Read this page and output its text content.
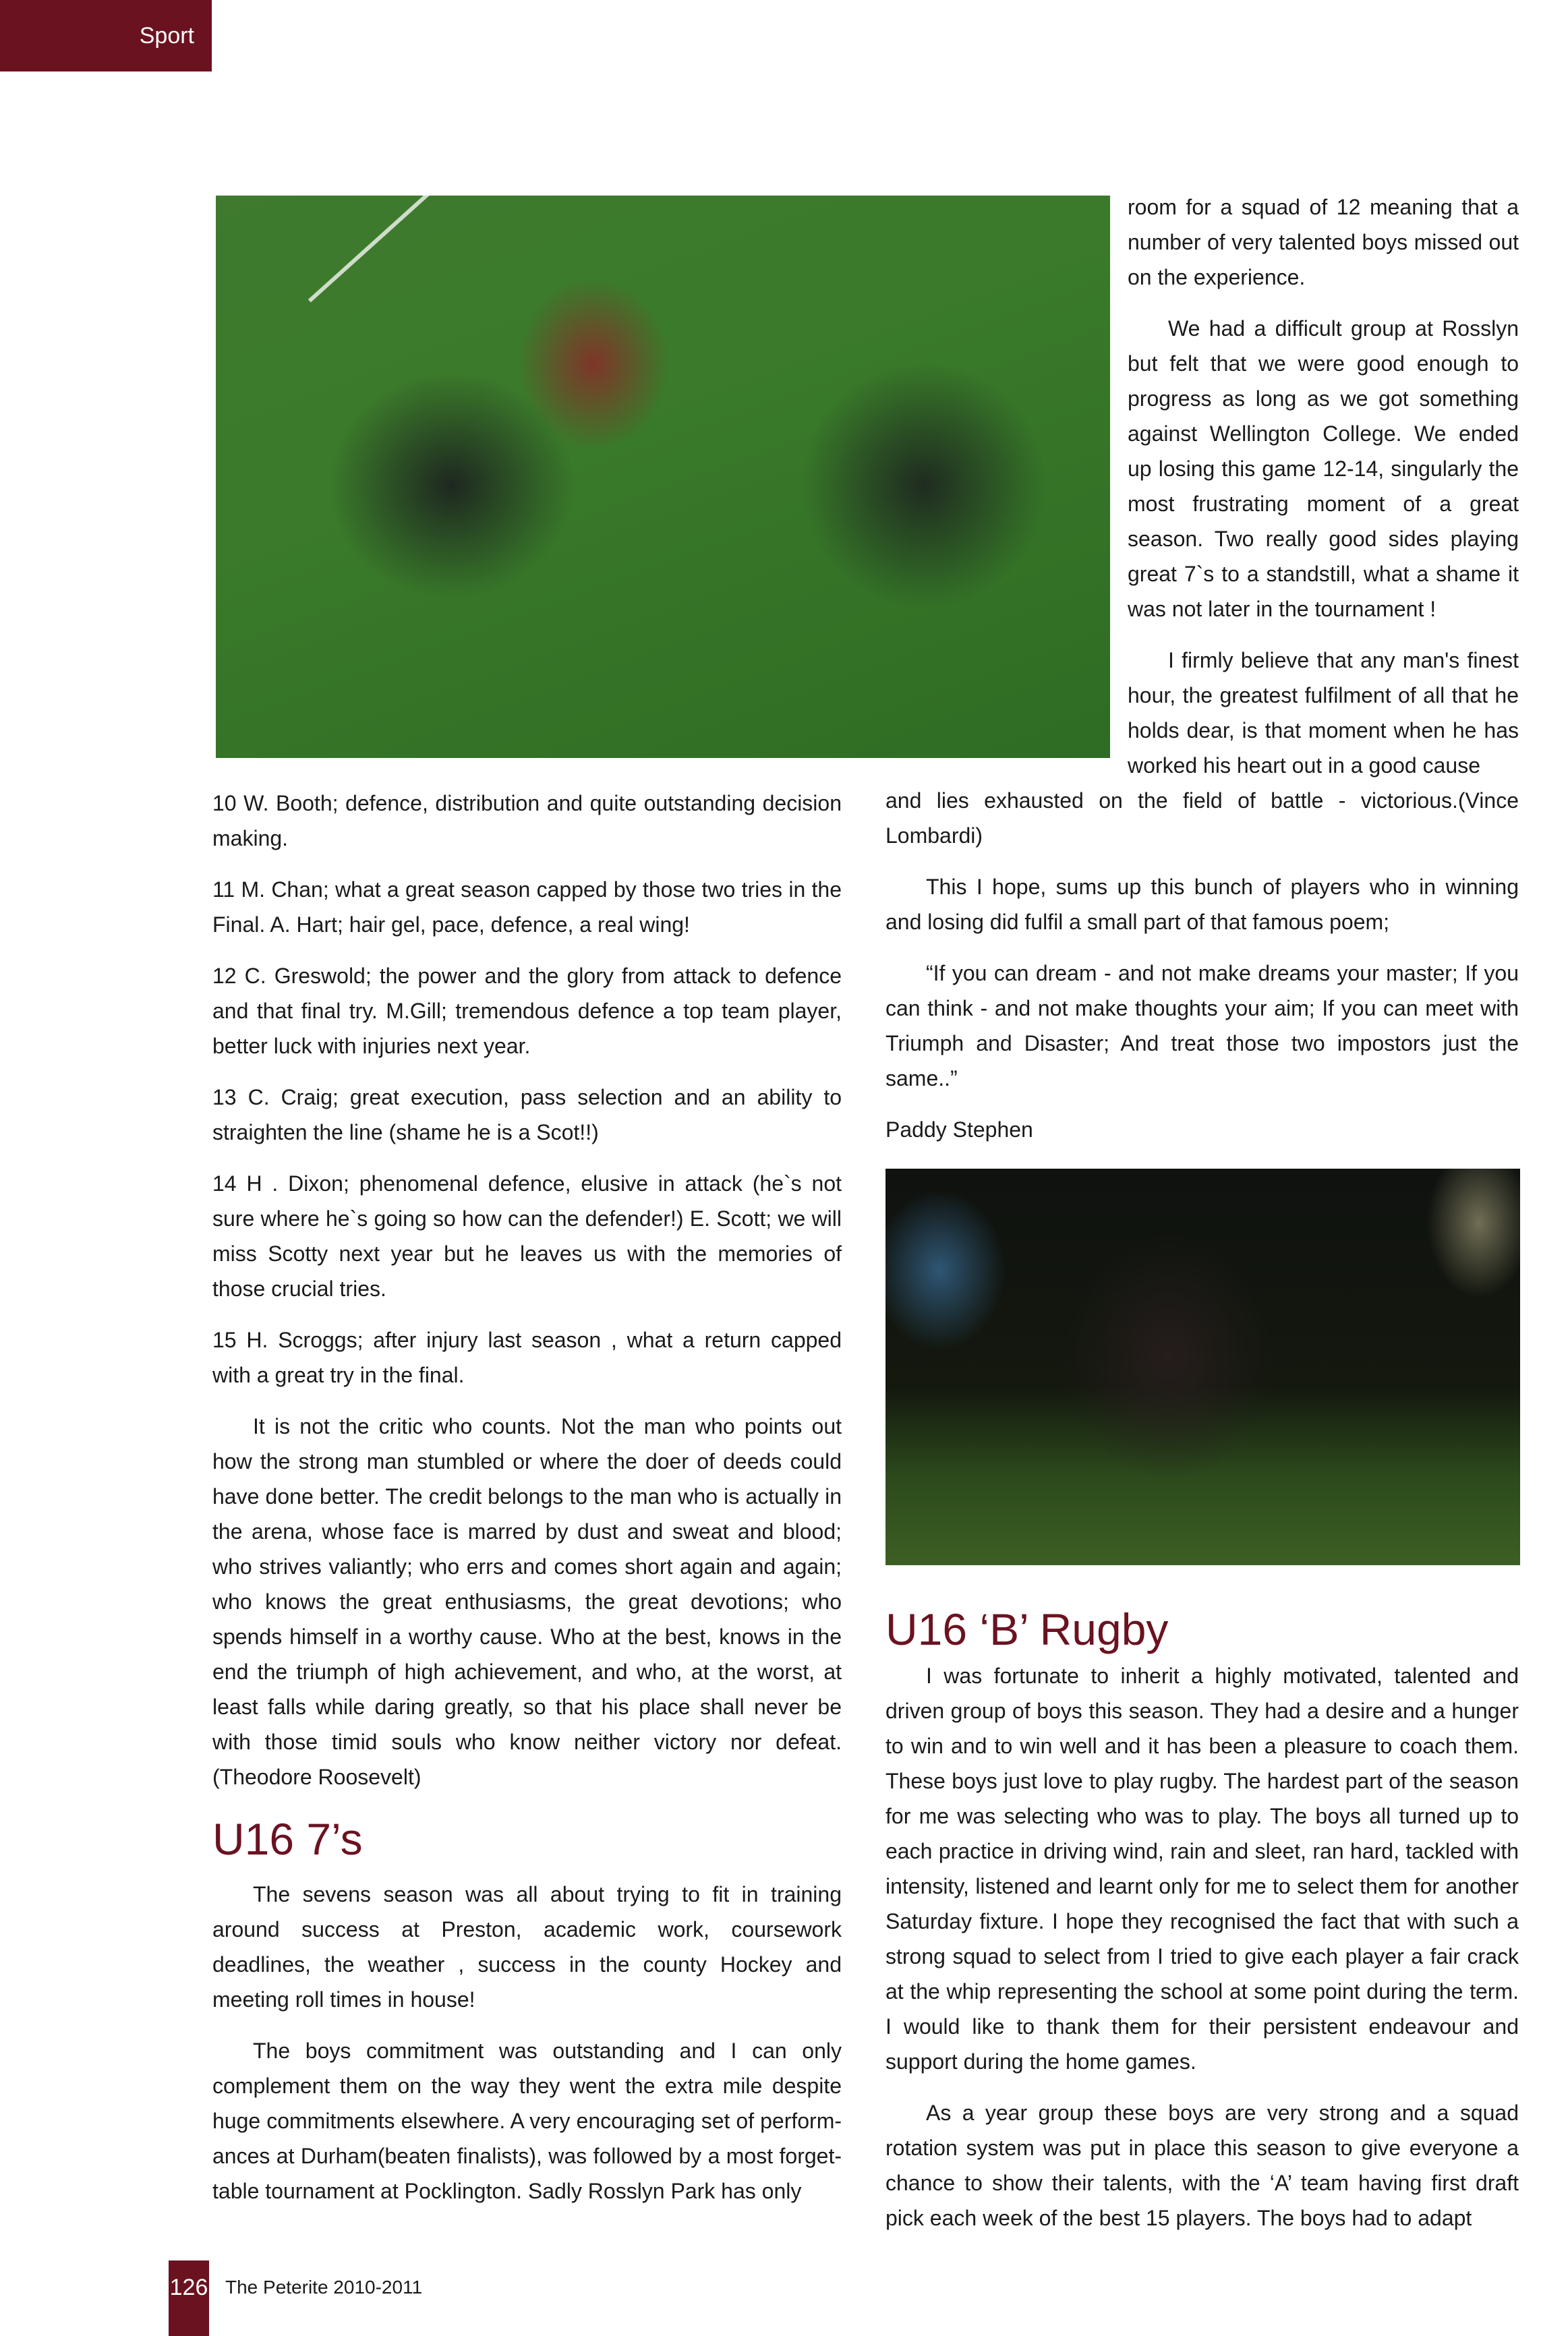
Sport

room for a squad of 12 meaning that a number of very talented boys missed out on the experience.

We had a difficult group at Rosslyn but felt that we were good enough to progress as long as we got something against Wellington College. We ended up losing this game 12-14, singularly the most frustrating moment of a great season. Two really good sides playing great 7`s to a standstill, what a shame it was not later in the tournament !

I firmly believe that any man's finest hour, the greatest fulfilment of all that he holds dear, is that moment when he has worked his heart out in a good cause

10 W. Booth; defence, distribution and quite outstanding decision making.

11 M. Chan; what a great season capped by those two tries in the Final. A. Hart; hair gel, pace, defence, a real wing!

12 C. Greswold; the power and the glory from attack to defence and that final try. M.Gill; tremendous defence a top team player, better luck with injuries next year.

13 C. Craig; great execution, pass selection and an ability to straighten the line (shame he is a Scot!!)

14 H . Dixon; phenomenal defence, elusive in attack (he`s not sure where he`s going so how can the defender!) E. Scott; we will miss Scotty next year but he leaves us with the memories of those crucial tries.

15 H. Scroggs; after injury last season , what a return capped with a great try in the final.

It is not the critic who counts. Not the man who points out how the strong man stumbled or where the doer of deeds could have done better. The credit belongs to the man who is actually in the arena, whose face is marred by dust and sweat and blood; who strives valiantly; who errs and comes short again and again; who knows the great enthusiasms, the great devotions; who spends himself in a worthy cause. Who at the best, knows in the end the triumph of high achievement, and who, at the worst, at least falls while daring greatly, so that his place shall never be with those timid souls who know neither victory nor defeat. (Theodore Roosevelt)

U16 7’s

The sevens season was all about trying to fit in training around success at Preston, academic work, coursework deadlines, the weather , success in the county Hockey and meeting roll times in house!

The boys commitment was outstanding and I can only complement them on the way they went the extra mile despite huge commitments elsewhere. A very encouraging set of perform- ances at Durham(beaten finalists), was followed by a most forget- table tournament at Pocklington. Sadly Rosslyn Park has only

and lies exhausted on the field of battle - victorious.(Vince Lombardi)

This I hope, sums up this bunch of players who in winning and losing did fulfil a small part of that famous poem;

“If you can dream - and not make dreams your master; If you can think - and not make thoughts your aim; If you can meet with Triumph and Disaster; And treat those two impostors just the same..”

Paddy Stephen

U16 ‘B’ Rugby

I was fortunate to inherit a highly motivated, talented and driven group of boys this season. They had a desire and a hunger to win and to win well and it has been a pleasure to coach them. These boys just love to play rugby. The hardest part of the season for me was selecting who was to play. The boys all turned up to each practice in driving wind, rain and sleet, ran hard, tackled with intensity, listened and learnt only for me to select them for another Saturday fixture. I hope they recognised the fact that with such a strong squad to select from I tried to give each player a fair crack at the whip representing the school at some point during the term. I would like to thank them for their persistent endeavour and support during the home games.

As a year group these boys are very strong and a squad rotation system was put in place this season to give everyone a chance to show their talents, with the ‘A’ team having first draft pick each week of the best 15 players. The boys had to adapt

126 The Peterite 2010-2011
